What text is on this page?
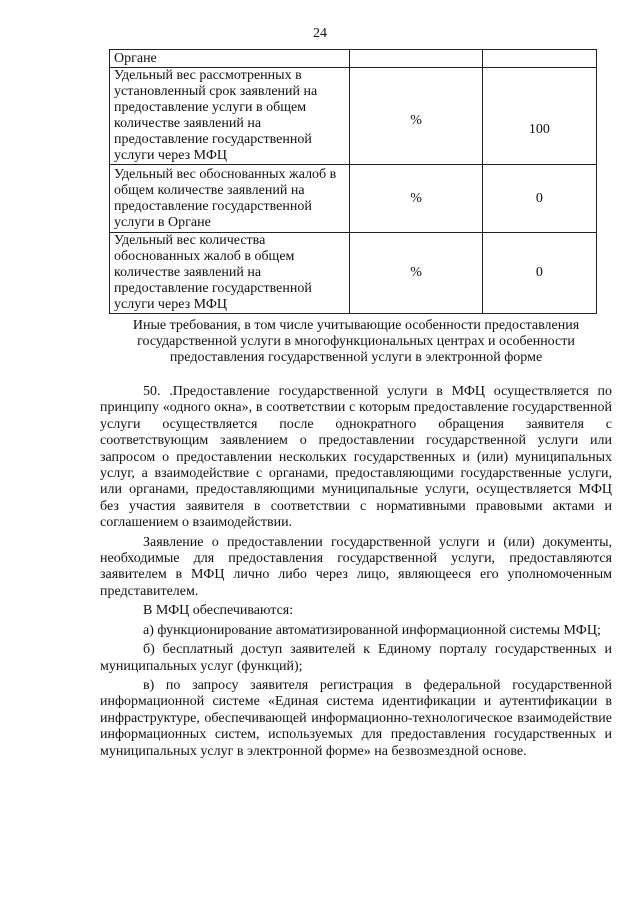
24
Органе		
Удельный вес рассмотренных в установленный срок заявлений на предоставление услуги в общем количестве заявлений на предоставление государственной услуги через МФЦ	%	100
Удельный вес обоснованных жалоб в общем количестве заявлений на предоставление государственной услуги в Органе	%	0
Удельный вес количества обоснованных жалоб в общем количестве заявлений на предоставление государственной услуги через МФЦ	%	0
Иные требования, в том числе учитывающие особенности предоставления государственной услуги в многофункциональных центрах и особенности предоставления государственной услуги в электронной форме

50. .Предоставление государственной услуги в МФЦ осуществляется по принципу «одного окна», в соответствии с которым предоставление государственной услуги осуществляется после однократного обращения заявителя с соответствующим заявлением о предоставлении государственной услуги или запросом о предоставлении нескольких государственных и (или) муниципальных услуг, а взаимодействие с органами, предоставляющими государственные услуги, или органами, предоставляющими муниципальные услуги, осуществляется МФЦ без участия заявителя в соответствии с нормативными правовыми актами и соглашением о взаимодействии.

Заявление о предоставлении государственной услуги и (или) документы, необходимые для предоставления государственной услуги, предоставляются заявителем в МФЦ лично либо через лицо, являющееся его уполномоченным представителем.

В МФЦ обеспечиваются:

а) функционирование автоматизированной информационной системы МФЦ;

б) бесплатный доступ заявителей к Единому порталу государственных и муниципальных услуг (функций);

в) по запросу заявителя регистрация в федеральной государственной информационной системе «Единая система идентификации и аутентификации в инфраструктуре, обеспечивающей информационно-технологическое взаимодействие информационных систем, используемых для предоставления государственных и муниципальных услуг в электронной форме» на безвозмездной основе.
